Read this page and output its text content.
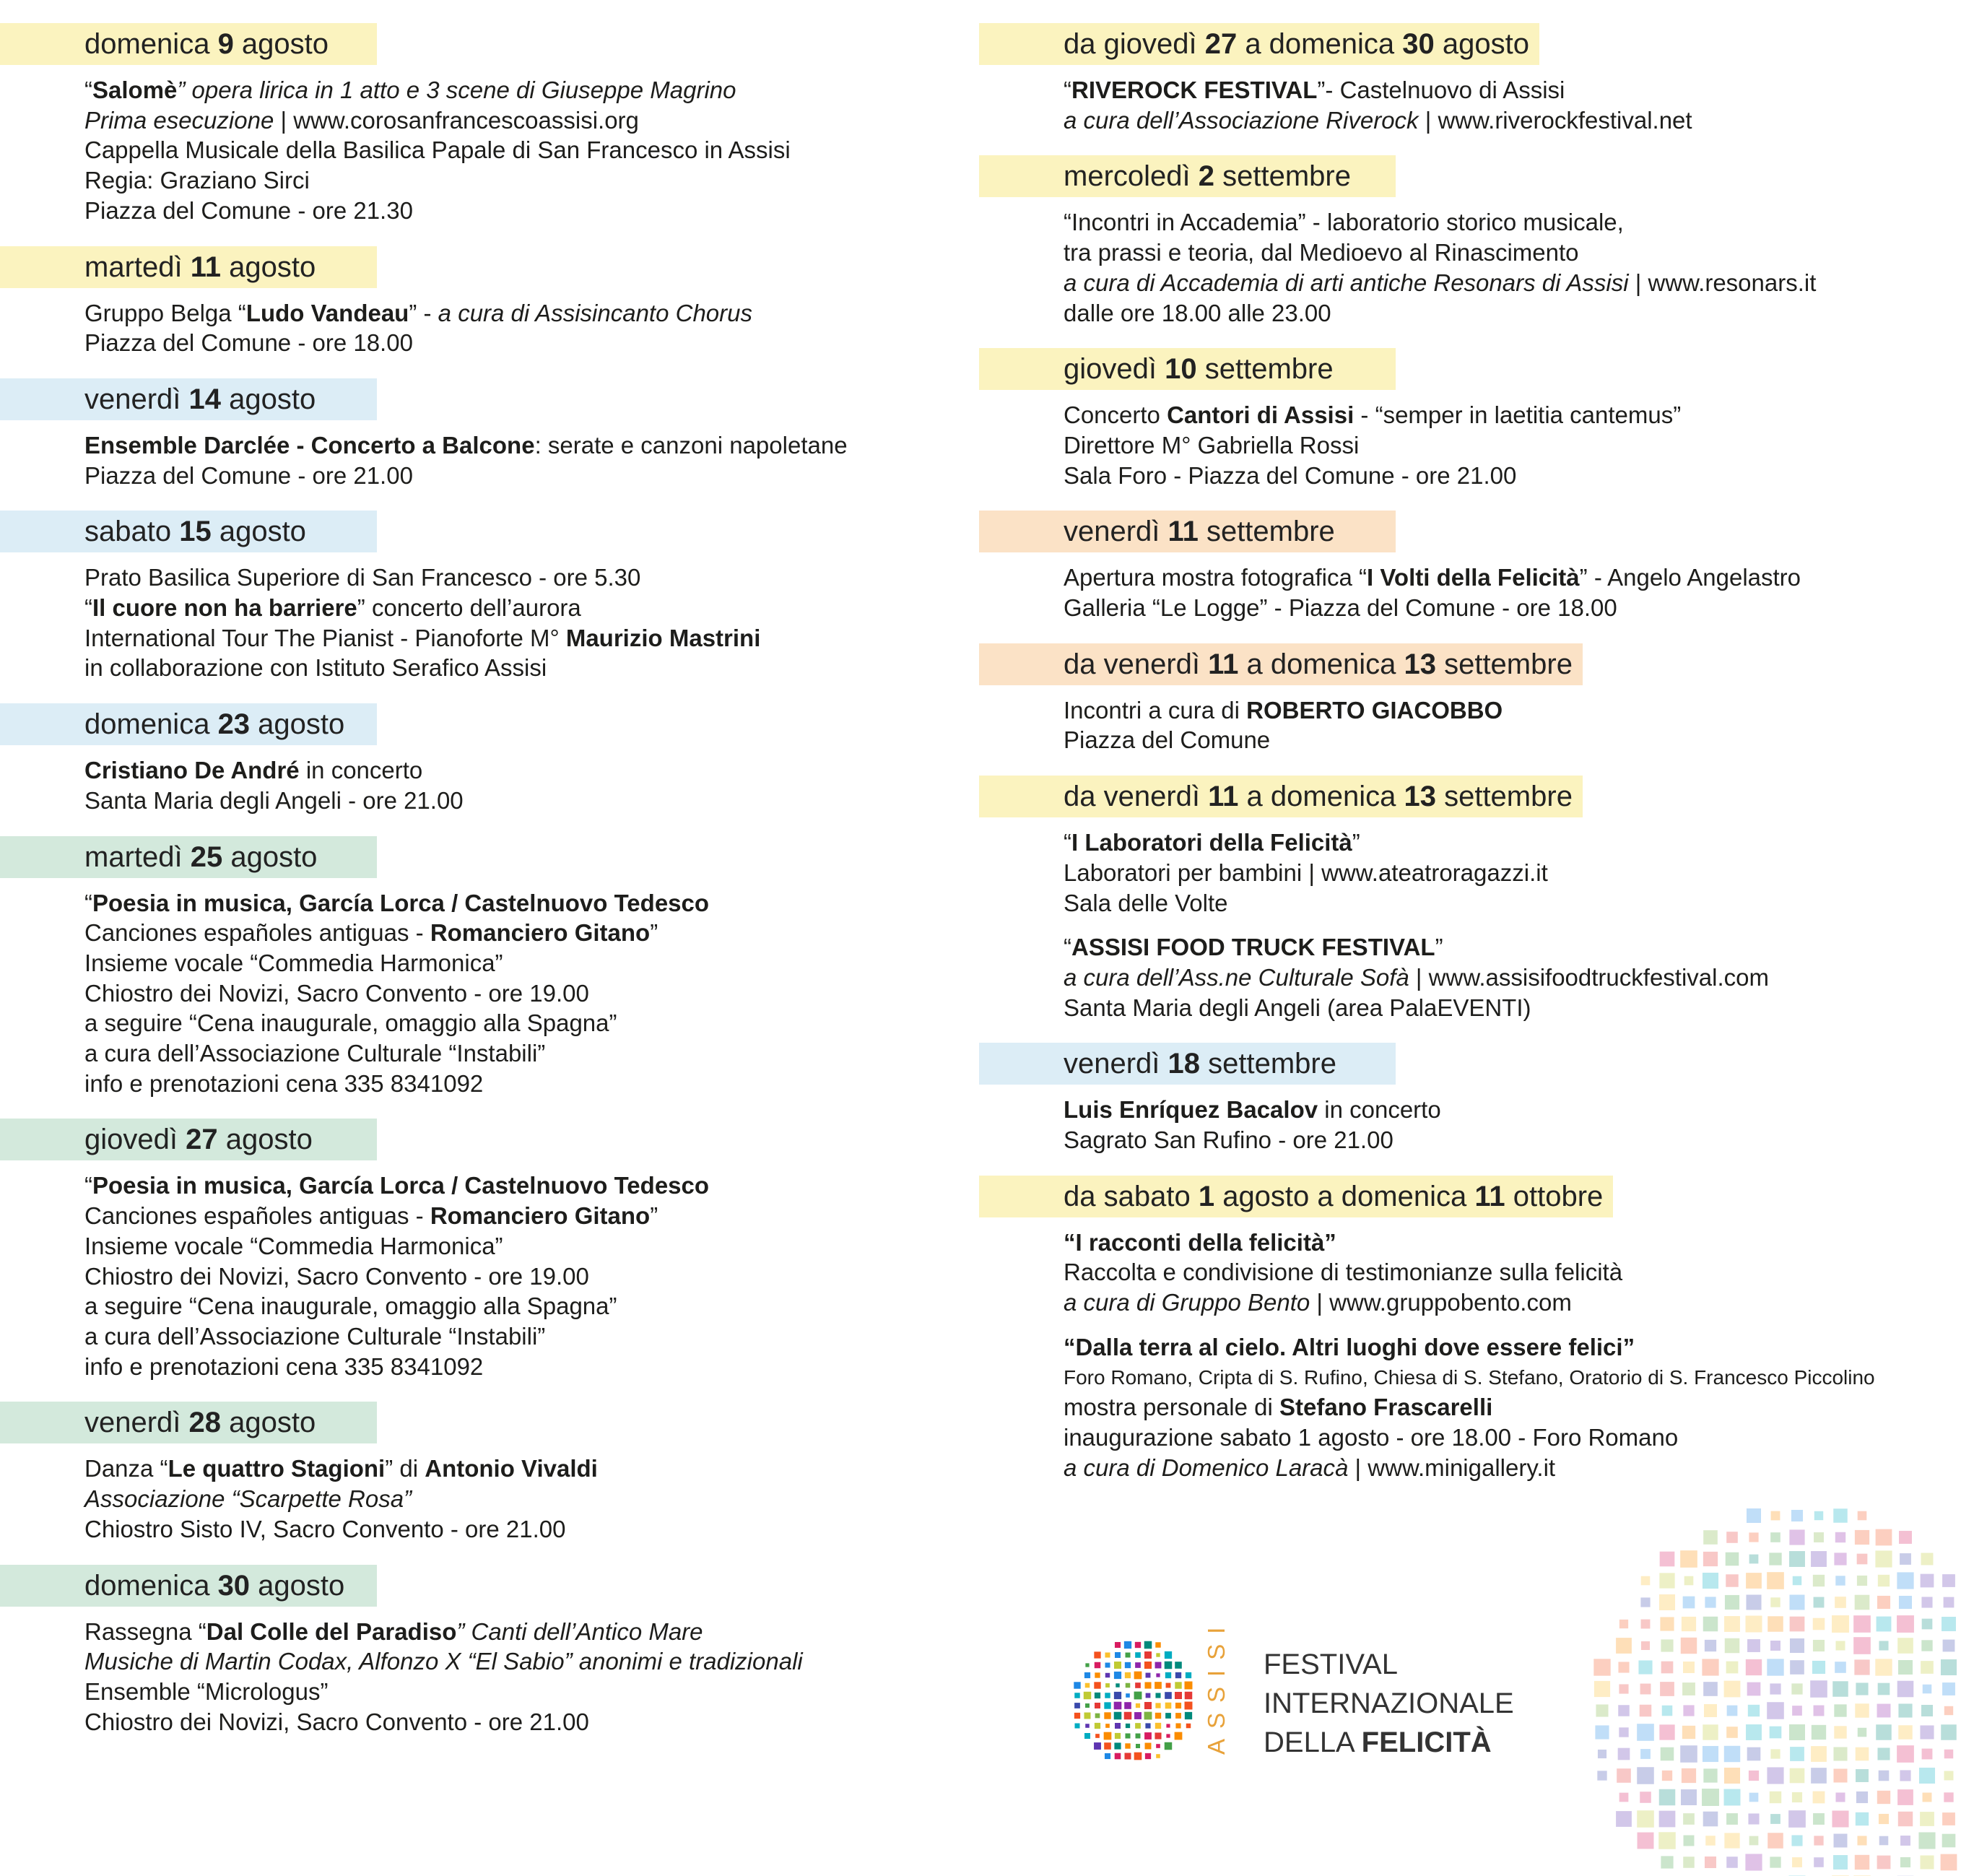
domenica 9 agosto
“Salomè” opera lirica in 1 atto e 3 scene di Giuseppe Magrino
Prima esecuzione | www.corosanfrancescoassisi.org
Cappella Musicale della Basilica Papale di San Francesco in Assisi
Regia: Graziano Sirci
Piazza del Comune - ore 21.30
martedì 11 agosto
Gruppo Belga “Ludo Vandeau” - a cura di Assisincanto Chorus
Piazza del Comune - ore 18.00
venerdì 14 agosto
Ensemble Darclée - Concerto a Balcone: serate e canzoni napoletane
Piazza del Comune - ore 21.00
sabato 15 agosto
Prato Basilica Superiore di San Francesco - ore 5.30
“Il cuore non ha barriere” concerto dell’aurora
International Tour The Pianist - Pianoforte M° Maurizio Mastrini
in collaborazione con Istituto Serafico Assisi
domenica 23 agosto
Cristiano De André in concerto
Santa Maria degli Angeli - ore 21.00
martedì 25 agosto
“Poesia in musica, García Lorca / Castelnuovo Tedesco
Canciones españoles antiguas - Romanciero Gitano”
Insieme vocale “Commedia Harmonica”
Chiostro dei Novizi, Sacro Convento - ore 19.00
a seguire “Cena inaugurale, omaggio alla Spagna”
a cura dell’Associazione Culturale “Instabili”
info e prenotazioni cena 335 8341092
giovedì 27 agosto
“Poesia in musica, García Lorca / Castelnuovo Tedesco
Canciones españoles antiguas - Romanciero Gitano”
Insieme vocale “Commedia Harmonica”
Chiostro dei Novizi, Sacro Convento - ore 19.00
a seguire “Cena inaugurale, omaggio alla Spagna”
a cura dell’Associazione Culturale “Instabili”
info e prenotazioni cena 335 8341092
venerdì 28 agosto
Danza “Le quattro Stagioni” di Antonio Vivaldi
Associazione “Scarpette Rosa”
Chiostro Sisto IV, Sacro Convento - ore 21.00
domenica 30 agosto
Rassegna “Dal Colle del Paradiso” Canti dell’Antico Mare
Musiche di Martin Codax, Alfonzo X “El Sabio” anonimi e tradizionali
Ensemble “Micrologus”
Chiostro dei Novizi, Sacro Convento - ore 21.00
da giovedì 27 a domenica 30 agosto
“RIVEROCK FESTIVAL”- Castelnuovo di Assisi
a cura dell’Associazione Riverock | www.riverockfestival.net
mercoledì 2 settembre
“Incontri in Accademia” - laboratorio storico musicale,
tra prassi e teoria, dal Medioevo al Rinascimento
a cura di Accademia di arti antiche Resonars di Assisi | www.resonars.it
dalle ore 18.00 alle 23.00
giovedì 10 settembre
Concerto Cantori di Assisi - “semper in laetitia cantemus”
Direttore M° Gabriella Rossi
Sala Foro - Piazza del Comune - ore 21.00
venerdì 11 settembre
Apertura mostra fotografica “I Volti della Felicità” - Angelo Angelastro
Galleria “Le Logge” - Piazza del Comune - ore 18.00
da venerdì 11 a domenica 13 settembre
Incontri a cura di ROBERTO GIACOBBO
Piazza del Comune
da venerdì 11 a domenica 13 settembre
“I Laboratori della Felicità”
Laboratori per bambini | www.ateatroragazzi.it
Sala delle Volte
“ASSISI FOOD TRUCK FESTIVAL”
a cura dell’Ass.ne Culturale Sofà | www.assisifoodtruckfestival.com
Santa Maria degli Angeli (area PalaEVENTI)
venerdì 18 settembre
Luis Enríquez Bacalov in concerto
Sagrato San Rufino - ore 21.00
da sabato 1 agosto a domenica 11 ottobre
“I racconti della felicità”
Raccolta e condivisione di testimonianze sulla felicità
a cura di Gruppo Bento | www.gruppobento.com
“Dalla terra al cielo. Altri luoghi dove essere felici”
Foro Romano, Cripta di S. Rufino, Chiesa di S. Stefano, Oratorio di S. Francesco Piccolino
mostra personale di Stefano Frascarelli
inaugurazione sabato 1 agosto - ore 18.00 - Foro Romano
a cura di Domenico Laracà | www.minigallery.it
ASSISI FESTIVAL
INTERNAZIONALE
DELLA FELICITÀ
